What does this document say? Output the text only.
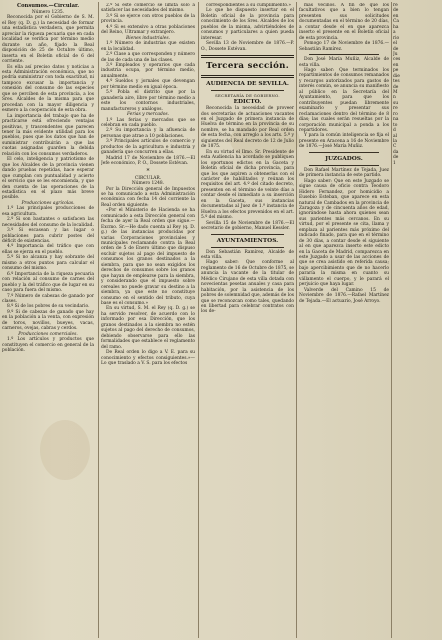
Consumos.—Circular.

Número 1235.

Reconocida por el Gobierno de S. M. el Rey (q. D. g.) la necesidad de formar una estadística verdadera, que permita apreciar la riqueza pecuaria que en cada localidad se verifica por término medio durante un año, fijado la Real disposición de 25 de Octubre último, inserta en el Boletín oficial de 6 del corriente.

Es ella así preciso datos y noticias a esta Administración económica, que no podría suministrar con toda exactitud, ni tampoco excusar la importancia y conexión del consumo de las especies que se perciben de esta provincia, a los Sres. Alcaldes de la misma para que procedan con la mayor diligencia y esmero a la cooperación de esta obra.

La importancia del trabajo que ha de practicarse está ofreciendo ventajas positivas, y trascendentes que parecen tener la más evidente utilidad para los pueblos, pues que los datos que han de suministrar contribuirán a que las cuotas asignadas guarden la debida relación con los consumos verdaderos.

El celo, inteligencia y patriotismo de que los Alcaldes de la provincia vienen dando pruebas repetidas, hace esperar que cumplan con puntualidad y acierto el servicio que se les encomienda, y que den cuenta de las operaciones de la estadística en el plazo más breve posible.

Producciones agrícolas.

1.º Las principales producciones de esa agricultura.

2.º Si son bastantes o satisfacen las necesidades del consumo de la localidad.

3.º Si escasean y las lugar o poblaciones para cubrir postes del déficit de existencias.

4.º Importancia del tráfico que con ellas se ejerza en el pueblo.

5.º Si no alcanza y hay sobrante del mismo a otros puntos para calcular el consumo del mismo.

6.º Importancia de la riqueza pecuaria con relación al consumo de carnes del pueblo y la del tráfico que de lugar en su caso para fuera del mismo.

7.º Número de cabezas de ganado por clases.

8.º Si de los pobres de su vecindario.

9.º Si de cabezas de ganado que hay en la población a la venta, con expresión de toros, novillos, bueyes, vacas, carneros, ovejas, cabras y cerdos.

Producciones comerciales.

1.º Los artículos y productos que constituyen el comercio en general de la población.

2.º Si este comercio se limita solo a satisfacer las necesidades del mismo.

3.º Si se ejerce con otros pueblos de la provincia.

4.º Si es extensivo a otras poblaciones del Reino, Ultramar y extranjero.

Bienes industriales.

1.º Número de industrias que existen en la localidad.

2.º Clase a que corresponden y número de las de cada una de las clases.

3.º Empleados y operarios que cada industria ocupa, por término medio, anualmente.

4.º Sueldos y jornales que devengan por término medio en igual época.

5.º Pobla el distrito que por la ganadería aire, libre por término medio a este los contornos industriales, manufactureros y análogos.

Ferias y mercados.

1.º Las ferias y mercados que se celebran en cada pueblo.

2.º Su importancia y la afluencia de personas que atrae a 10 poblaciones.

3.º Principales artículos de comercio y productos de la agricultura e industria y ganadería que concurren a ellas.

Madrid 17 de Noviembre de 1876.—El Jefe económico, P. O., Dossete Estévan.

*

CIRCULAR.

Número 1248.

Por la Dirección general de Impuestos se ha comunicado a esta Administración económica con fecha 14 del corriente la Real orden siguiente:

«Por el Ministerio de Hacienda se ha comunicado a esta Dirección general con fecha de ayer la Real orden que sigue.—Excmo. Sr.—He dado cuenta al Rey (q. D. g.) de las instancias producidas por varias Corporaciones provinciales y municipales reclamando contra la Real orden de 5 de Enero último que dispuso excluir sujetos al pago del impuesto de consumos los granos destinados a la siembra, para que no sean exigidos los derechos de consumos sobre los granos que hayan de emplearse para la siembra, y considerando que el impuesto sobre cereales no puede gravar su destino a la siembra, ya que este no constituye consumo en el sentido del tributo, cuya base es el consumo.»

En su virtud, S. M. el Rey (q. D. g.) se ha servido resolver, de acuerdo con lo informado por esa Dirección, que los granos destinados a la siembra no estén sujetos al pago del derecho de consumos, debiendo observarse para ello las formalidades que establece el reglamento del ramo.

De Real orden lo digo a V. E. para su conocimiento y efectos consiguientes.»—Lo que traslado a V. S. para los efectos

correspondientes a su cumplimiento.»

Lo que he dispuesto insertar en el Boletín oficial de la provincia para conocimiento de los Sres. Alcaldes de los pueblos de la misma, advirtiéndoles de consumos y particulares a quien pueda interesar.

Sevilla 13 de Noviembre de 1876.—P. O., Dossete Estévan.

Tercera sección.

AUDIENCIA DE SEVILLA.

SECRETARÍA DE GOBIERNO.

EDICTO.

Reconocida la necesidad de proveer dos secretarías de actuaciones vacantes en el Juzgado de primera instancia de Huelva de término en la provincia de su nombre, se ha mandado por Real orden de esta fecha, con arreglo a los arts. 5.º y siguientes del Real decreto de 12 de Julio de 1875.

En su virtud el Ilmo. Sr. Presidente de esta Audiencia ha acordado se publiquen los oportunos edictos en la Gaceta y Boletín oficial de dicha provincia, para que los que aspiren a obtenerlas con el carácter de habilitados y reúnan los requisitos del art. 4.º del citado decreto, presenten en el término de veinte días a contar desde el inmediato a su inserción en la Gaceta, sus instancias documentadas al Juez de 1.ª instancia de Huelva a los efectos prevenidos en el art. 5.º del mismo.

Sevilla 15 de Noviembre de 1876.—El secretario de gobierno, Manuel Kessler.

AYUNTAMIENTOS.

Don Sebastián Ramírez, Alcalde de esta villa.

Hago saber: Que conforme al reglamento de 16 de Octubre de 1875, se anuncia la vacante de la titular de Médico Cirujano de esta villa dotada con novecientas pesetas anuales y casa para habitación, por la asistencia de los pobres de solemnidad que, además de los que se reconozcan como tales, quedando en libertad para celebrar contratos con los de-

más vecinos. A fin de que los facultativos que a bien lo tengan presenten sus solicitudes documentadas en el término de 20 días, a contar desde el en que aparezca inserto el presente en el Boletín oficial de esta provincia.

Pomogo 17 de Noviembre de 1876.—Sebastián Ramírez.

Don José María Muñiz, Alcalde de esta villa.

Hago saber: Que terminados los repartimientos de consumos remanados y recargos autorizados para gastos de interés común, se anuncia su manifiesto al público en la Secretaría del Ayuntamiento, para que los contribuyentes puedan libremente examinarlo y presentar sus reclamaciones dentro del término de 8 días; las cuales serán resueltas por la corporación municipal a ponda a los repartidores.

Y para la común inteligencia se fija el presente en Aracena a 16 de Noviembre de 1876.—José María Muñiz.

JUZGADOS.

Don Rafael Martínez de Tejada, Juez de primera instancia de este partido.

Hago saber: Que en este Juzgado se sigue causa de oficio contra Teodoro Hidero Fernandez, por homicidio a Eusebio Esteban, que aparece en esta natural de Cambados en la provincia de Zaragoza y de cincuenta años de edad, ignorándose hasta ahora quienes sean sus parientes más cercanos. En su virtud, por el presente se cita, llama y emplaza al parientes más próximo del indicado finado, para que en el término de 30 días, a contar desde el siguiente al en que aparezca inserto este edicto en la Gaceta de Madrid, comparezca en este Juzgado a usar de las acciones de que se crea asistido en referida causa; bajo apercibimiento que de no hacerlo pararía la misma en cuanto su vállamento el cuerpo, y le parará el perjuicio que haya lugar.

Valverde del Camino 15 de Noviembre de 1876.—Rafael Martínez de Tejada.—El actuario, José Arroyo.

re
de
en
Ca
ha
a
rio
el
de
Ju
ces
en
pe
die
tes
de
M
n
su
re
ro
na
to
d
al
la
C
da
de
1
